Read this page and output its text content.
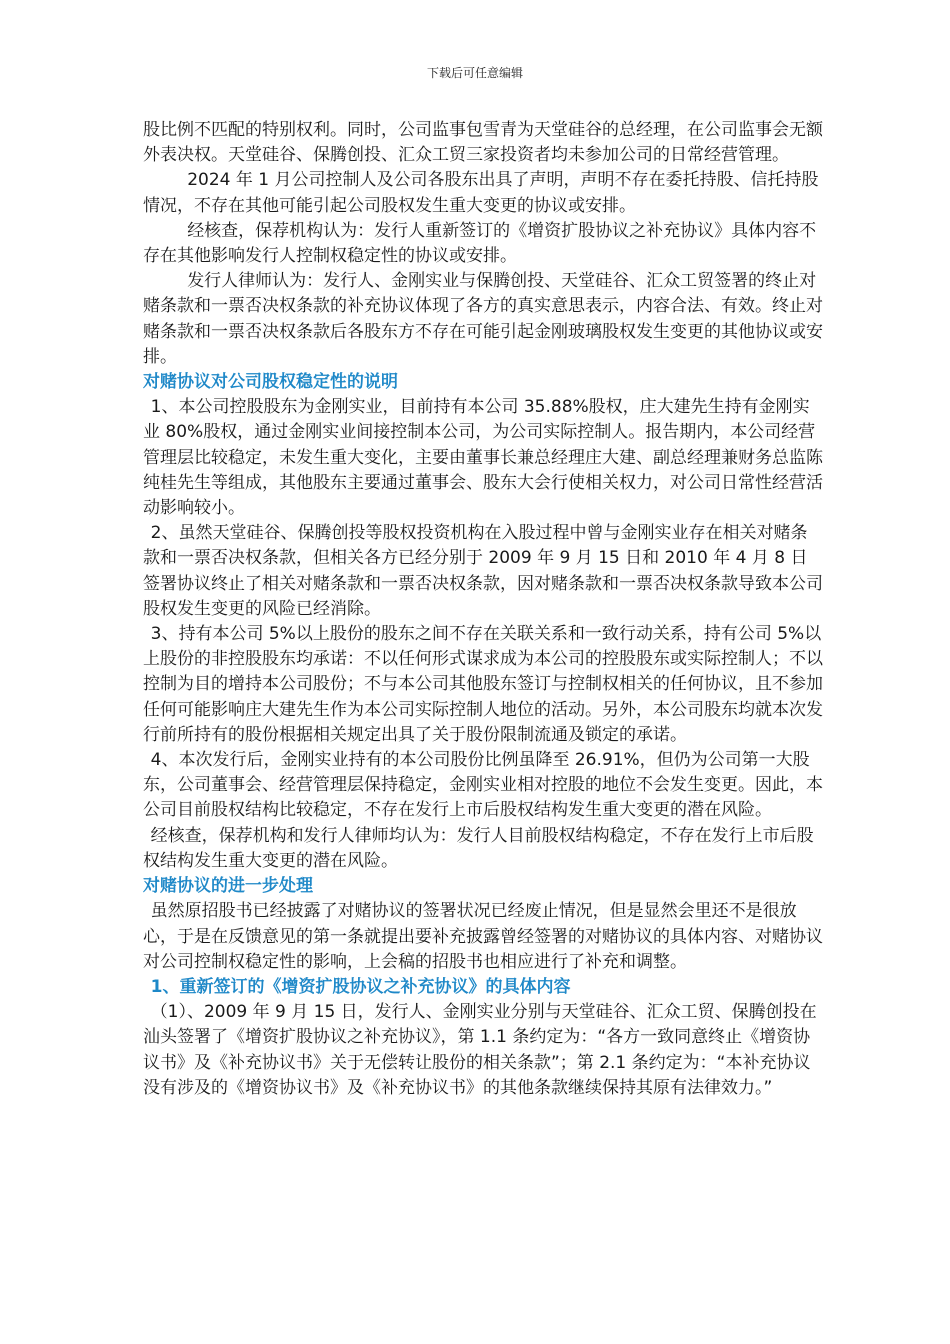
下载后可任意编辑

股比例不匹配的特别权利。同时，公司监事包雪青为天堂硅谷的总经理，在公司监事会无额外表决权。天堂硅谷、保腾创投、汇众工贸三家投资者均未参加公司的日常经营管理。

2024 年 1 月公司控制人及公司各股东出具了声明，声明不存在委托持股、信托持股情况，不存在其他可能引起公司股权发生重大变更的协议或安排。

经核查，保荐机构认为：发行人重新签订的《增资扩股协议之补充协议》具体内容不存在其他影响发行人控制权稳定性的协议或安排。

发行人律师认为：发行人、金刚实业与保腾创投、天堂硅谷、汇众工贸签署的终止对赌条款和一票否决权条款的补充协议体现了各方的真实意思表示，内容合法、有效。终止对赌条款和一票否决权条款后各股东方不存在可能引起金刚玻璃股权发生变更的其他协议或安排。

对赌协议对公司股权稳定性的说明

1、本公司控股股东为金刚实业，目前持有本公司 35.88%股权，庄大建先生持有金刚实业 80%股权，通过金刚实业间接控制本公司，为公司实际控制人。报告期内，本公司经营管理层比较稳定，未发生重大变化，主要由董事长兼总经理庄大建、副总经理兼财务总监陈纯桂先生等组成，其他股东主要通过董事会、股东大会行使相关权力，对公司日常性经营活动影响较小。

2、虽然天堂硅谷、保腾创投等股权投资机构在入股过程中曾与金刚实业存在相关对赌条款和一票否决权条款，但相关各方已经分别于 2009 年 9 月 15 日和 2010 年 4 月 8 日签署协议终止了相关对赌条款和一票否决权条款，因对赌条款和一票否决权条款导致本公司股权发生变更的风险已经消除。

3、持有本公司 5%以上股份的股东之间不存在关联关系和一致行动关系，持有公司 5%以上股份的非控股股东均承诺：不以任何形式谋求成为本公司的控股股东或实际控制人；不以控制为目的增持本公司股份；不与本公司其他股东签订与控制权相关的任何协议，且不参加任何可能影响庄大建先生作为本公司实际控制人地位的活动。另外，本公司股东均就本次发行前所持有的股份根据相关规定出具了关于股份限制流通及锁定的承诺。

4、本次发行后，金刚实业持有的本公司股份比例虽降至 26.91%，但仍为公司第一大股东，公司董事会、经营管理层保持稳定，金刚实业相对控股的地位不会发生变更。因此，本公司目前股权结构比较稳定，不存在发行上市后股权结构发生重大变更的潜在风险。

经核查，保荐机构和发行人律师均认为：发行人目前股权结构稳定，不存在发行上市后股权结构发生重大变更的潜在风险。

对赌协议的进一步处理

虽然原招股书已经披露了对赌协议的签署状况已经废止情况，但是显然会里还不是很放心，于是在反馈意见的第一条就提出要补充披露曾经签署的对赌协议的具体内容、对赌协议对公司控制权稳定性的影响，上会稿的招股书也相应进行了补充和调整。

1、重新签订的《增资扩股协议之补充协议》的具体内容

（1）、2009 年 9 月 15 日，发行人、金刚实业分别与天堂硅谷、汇众工贸、保腾创投在汕头签署了《增资扩股协议之补充协议》，第 1.1 条约定为：“各方一致同意终止《增资协议书》及《补充协议书》关于无偿转让股份的相关条款”；第 2.1 条约定为：“本补充协议没有涉及的《增资协议书》及《补充协议书》的其他条款继续保持其原有法律效力。”
